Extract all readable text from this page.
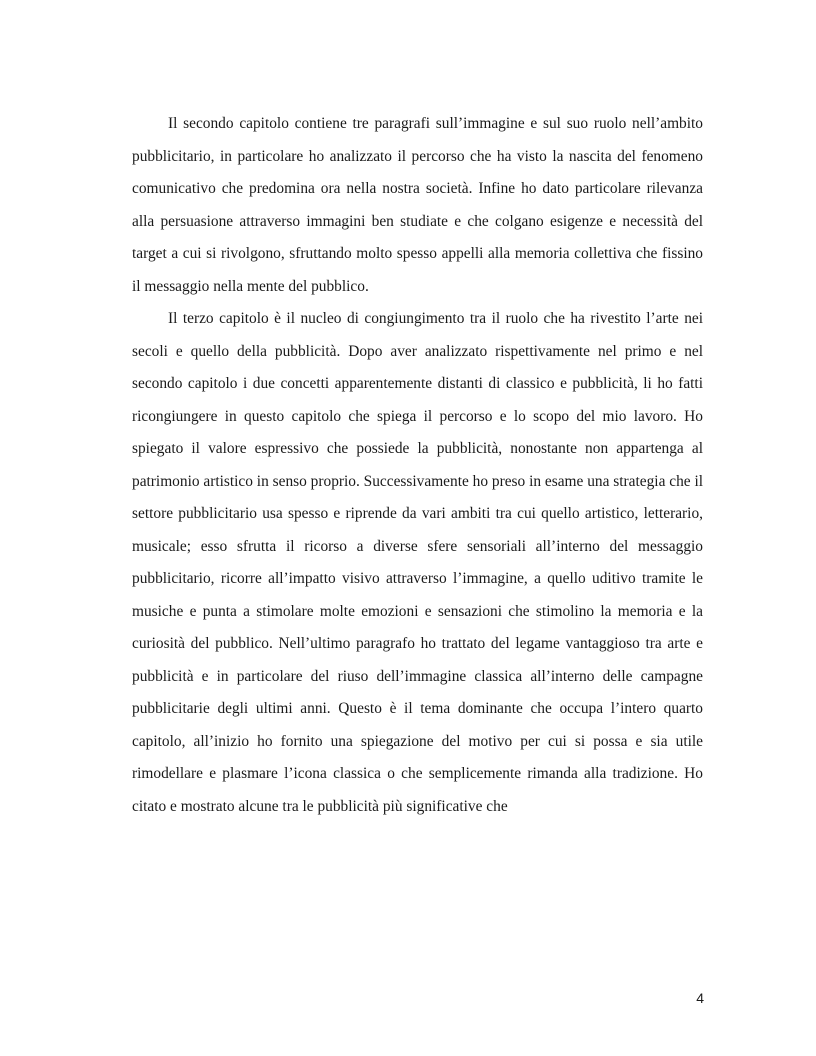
Il secondo capitolo contiene tre paragrafi sull’immagine e sul suo ruolo nell’ambito pubblicitario, in particolare ho analizzato il percorso che ha visto la nascita del fenomeno comunicativo che predomina ora nella nostra società. Infine ho dato particolare rilevanza alla persuasione attraverso immagini ben studiate e che colgano esigenze e necessità del target a cui si rivolgono, sfruttando molto spesso appelli alla memoria collettiva che fissino il messaggio nella mente del pubblico.

Il terzo capitolo è il nucleo di congiungimento tra il ruolo che ha rivestito l’arte nei secoli e quello della pubblicità. Dopo aver analizzato rispettivamente nel primo e nel secondo capitolo i due concetti apparentemente distanti di classico e pubblicità, li ho fatti ricongiungere in questo capitolo che spiega il percorso e lo scopo del mio lavoro. Ho spiegato il valore espressivo che possiede la pubblicità, nonostante non appartenga al patrimonio artistico in senso proprio. Successivamente ho preso in esame una strategia che il settore pubblicitario usa spesso e riprende da vari ambiti tra cui quello artistico, letterario, musicale; esso sfrutta il ricorso a diverse sfere sensoriali all’interno del messaggio pubblicitario, ricorre all’impatto visivo attraverso l’immagine, a quello uditivo tramite le musiche e punta a stimolare molte emozioni e sensazioni che stimolino la memoria e la curiosità del pubblico. Nell’ultimo paragrafo ho trattato del legame vantaggioso tra arte e pubblicità e in particolare del riuso dell’immagine classica all’interno delle campagne pubblicitarie degli ultimi anni. Questo è il tema dominante che occupa l’intero quarto capitolo, all’inizio ho fornito una spiegazione del motivo per cui si possa e sia utile rimodellare e plasmare l’icona classica o che semplicemente rimanda alla tradizione. Ho citato e mostrato alcune tra le pubblicità più significative che

4
